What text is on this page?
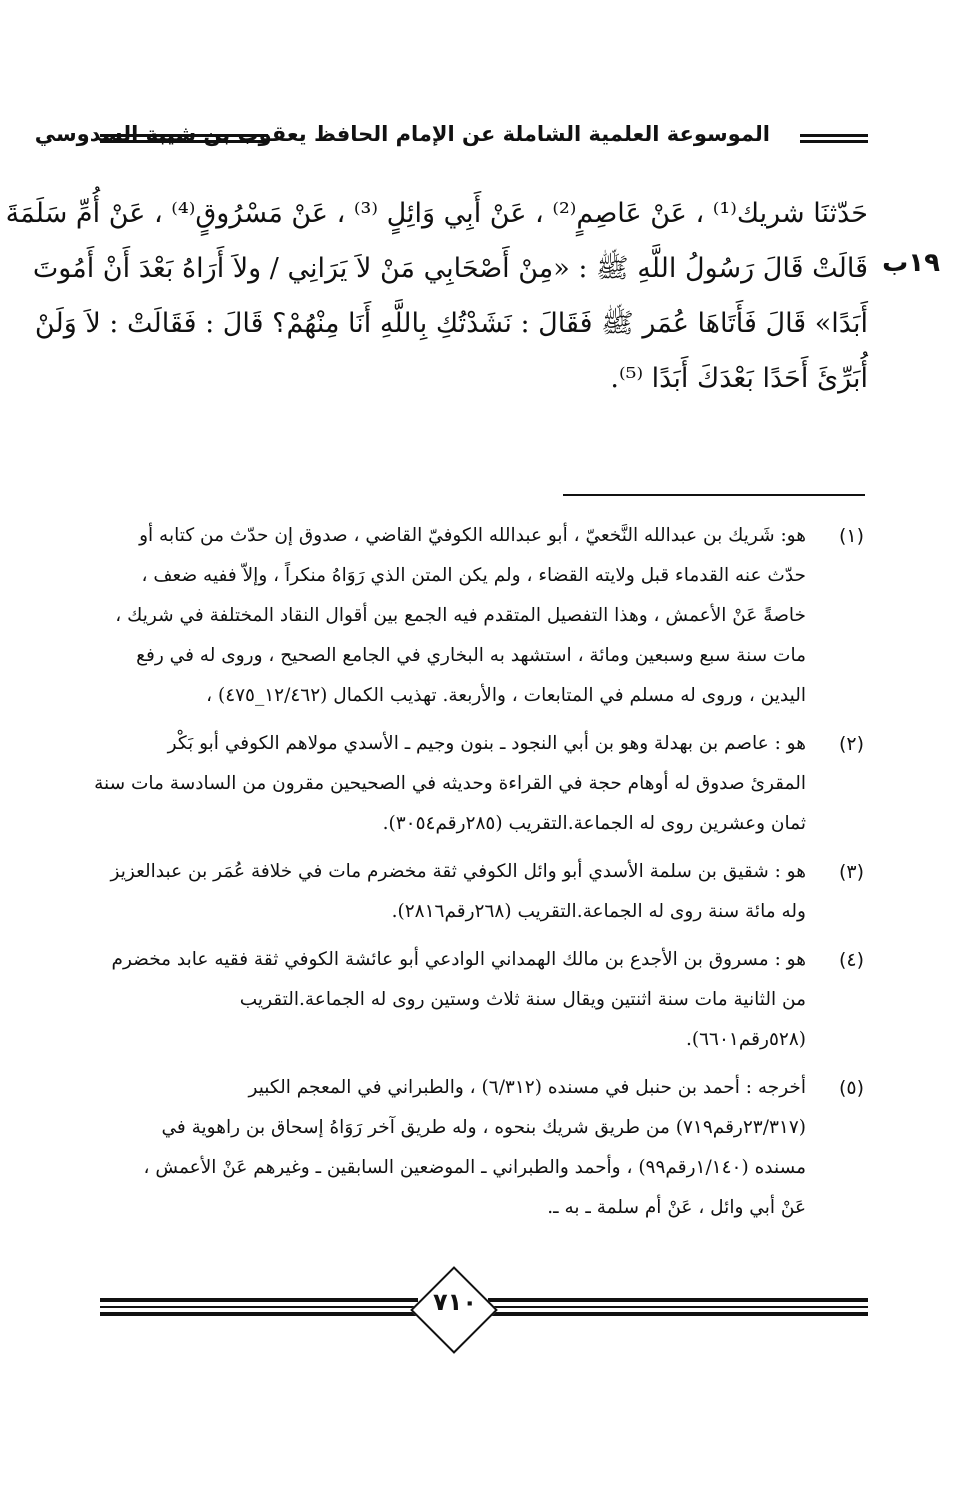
الموسوعة العلمية الشاملة عن الإمام الحافظ يعقوب بن شيبة السدوسي
١٩ب
حَدّثنَا شريك⁽¹⁾ ، عَنْ عَاصِمٍ⁽²⁾ ، عَنْ أَبِي وَائِلٍ ⁽³⁾ ، عَنْ مَسْرُوقٍ⁽⁴⁾ ، عَنْ أُمِّ سَلَمَةَ
قَالَتْ قَالَ رَسُولُ اللَّهِ ﷺ : «مِنْ أَصْحَابِي مَنْ لاَ يَرَانِي / ولاَ أَرَاهُ بَعْدَ أَنْ أَمُوتَ
أَبَدًا» قَالَ فَأَتَاهَا عُمَر ﷺ فَقَالَ : نَشَدْتُكِ بِاللَّهِ أَنَا مِنْهُمْ؟ قَالَ : فَقَالَتْ : لاَ وَلَنْ
أُبَرِّئَ أَحَدًا بَعْدَكَ أَبَدًا ⁽⁵⁾.
(١)
هو: شَريك بن عبدالله النَّخعيّ ، أبو عبدالله الكوفيّ القاضي ، صدوق إن حدّث من كتابه أو
حدّث عنه القدماء قبل ولايته القضاء ، ولم يكن المتن الذي رَوَاهُ منكراً ، وإلاّ ففيه ضعف ،
خاصةً عَنْ الأعمش ، وهذا التفصيل المتقدم فيه الجمع بين أقوال النقاد المختلفة في شريك ،
مات سنة سبع وسبعين ومائة ، استشهد به البخاري في الجامع الصحيح ، وروى له في رفع
اليدين ، وروى له مسلم في المتابعات ، والأربعة. تهذيب الكمال (١٢/٤٦٢_٤٧٥) ،
(٢)
هو : عاصم بن بهدلة وهو بن أبي النجود ـ بنون وجيم ـ الأسدي مولاهم الكوفي أبو بَكْر
المقرئ صدوق له أوهام حجة في القراءة وحديثه في الصحيحين مقرون من السادسة مات سنة
ثمان وعشرين روى له الجماعة.التقريب (٢٨٥رقم٣٠٥٤).
(٣)
هو : شقيق بن سلمة الأسدي أبو وائل الكوفي ثقة مخضرم مات في خلافة عُمَر بن عبدالعزيز
وله مائة سنة روى له الجماعة.التقريب (٢٦٨رقم٢٨١٦).
(٤)
هو : مسروق بن الأجدع بن مالك الهمداني الوادعي أبو عائشة الكوفي ثقة فقيه عابد مخضرم
من الثانية مات سنة اثنتين ويقال سنة ثلاث وستين روى له الجماعة.التقريب
(٥٢٨رقم٦٦٠١).
(٥)
أخرجه : أحمد بن حنبل في مسنده (٦/٣١٢) ، والطبراني في المعجم الكبير
(٢٣/٣١٧رقم٧١٩) من طريق شريك بنحوه ، وله طريق آخر رَوَاهُ إسحاق بن راهوية في
مسنده (١/١٤٠رقم٩٩) ، وأحمد والطبراني ـ الموضعين السابقين ـ وغيرهم عَنْ الأعمش ،
عَنْ أبي وائل ، عَنْ أم سلمة ـ به ـ.
٧١٠
